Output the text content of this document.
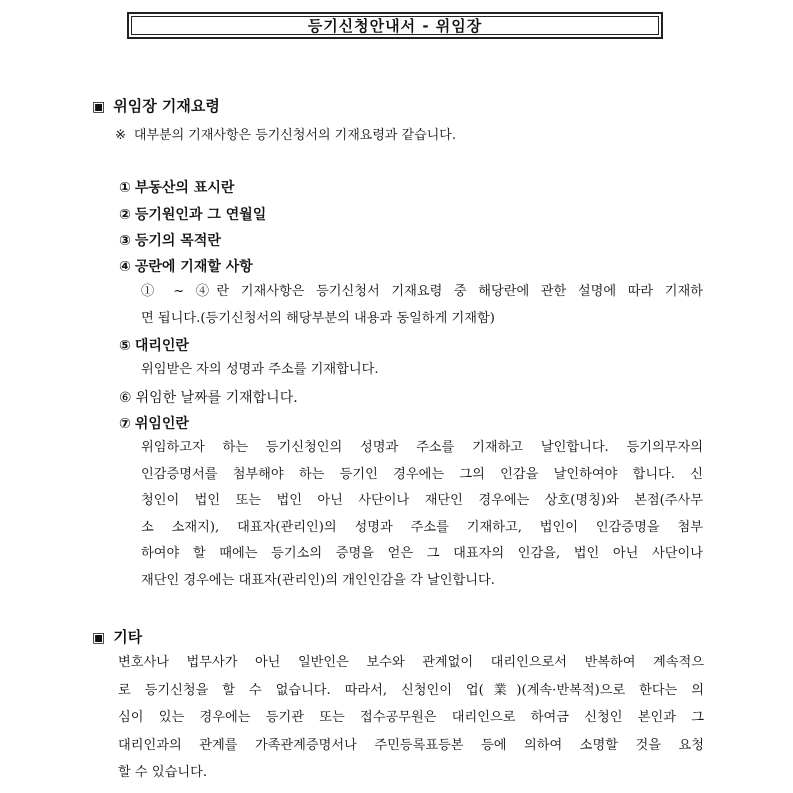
등기신청안내서 - 위임장
▣ 위임장 기재요령
※ 대부분의 기재사항은 등기신청서의 기재요령과 같습니다.
① 부동산의 표시란
② 등기원인과 그 연월일
③ 등기의 목적란
④ 공란에 기재할 사항
① ~ ④란 기재사항은 등기신청서 기재요령 중 해당란에 관한 설명에 따라 기재하
면 됩니다.(등기신청서의 해당부분의 내용과 동일하게 기재함)
⑤ 대리인란
위임받은 자의 성명과 주소를 기재합니다.
⑥ 위임한 날짜를 기재합니다.
⑦ 위임인란
위임하고자 하는 등기신청인의 성명과 주소를 기재하고 날인합니다. 등기의무자의
인감증명서를 첨부해야 하는 등기인 경우에는 그의 인감을 날인하여야 합니다. 신
청인이 법인 또는 법인 아닌 사단이나 재단인 경우에는 상호(명칭)와 본점(주사무
소 소재지), 대표자(관리인)의 성명과 주소를 기재하고, 법인이 인감증명을 첨부
하여야 할 때에는 등기소의 증명을 얻은 그 대표자의 인감을, 법인 아닌 사단이나
재단인 경우에는 대표자(관리인)의 개인인감을 각 날인합니다.
▣ 기타
변호사나 법무사가 아닌 일반인은 보수와 관계없이 대리인으로서 반복하여 계속적으
로 등기신청을 할 수 없습니다. 따라서, 신청인이 업(業)(계속·반복적)으로 한다는 의
심이 있는 경우에는 등기관 또는 접수공무원은 대리인으로 하여금 신청인 본인과 그
대리인과의 관계를 가족관계증명서나 주민등록표등본 등에 의하여 소명할 것을 요청
할 수 있습니다.
